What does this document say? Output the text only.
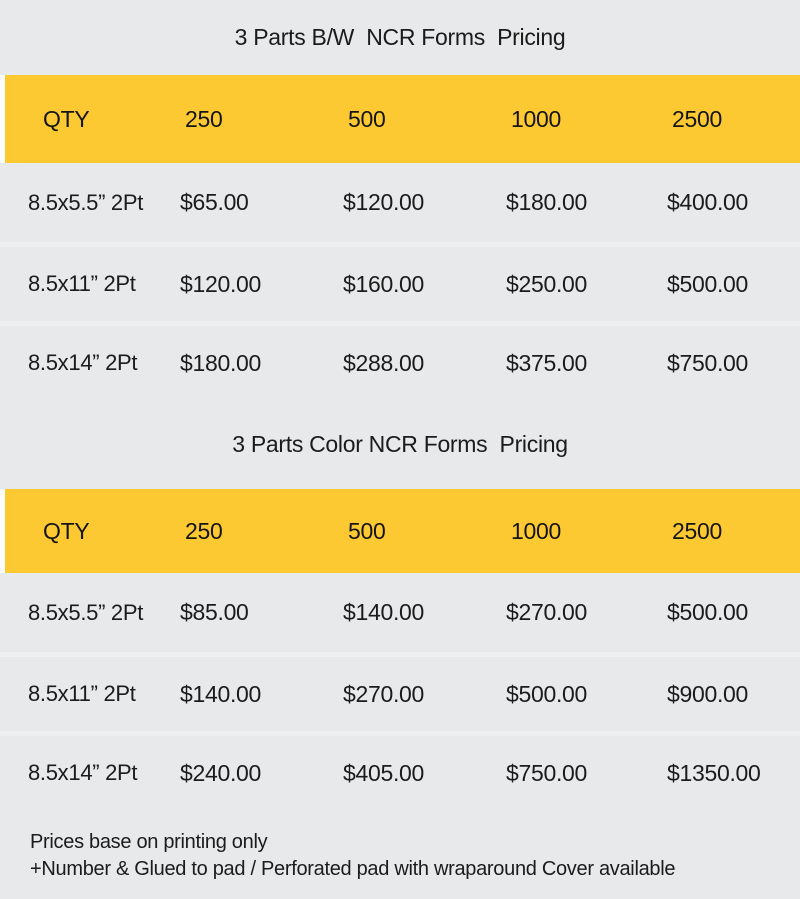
3 Parts B/W  NCR Forms  Pricing
QTY	250	500	1000	2500
8.5x5.5” 2Pt	$65.00	$120.00	$180.00	$400.00
8.5x11” 2Pt	$120.00	$160.00	$250.00	$500.00
8.5x14” 2Pt	$180.00	$288.00	$375.00	$750.00
3 Parts Color NCR Forms  Pricing
QTY	250	500	1000	2500
8.5x5.5” 2Pt	$85.00	$140.00	$270.00	$500.00
8.5x11” 2Pt	$140.00	$270.00	$500.00	$900.00
8.5x14” 2Pt	$240.00	$405.00	$750.00	$1350.00
Prices base on printing only
+Number & Glued to pad / Perforated pad with wraparound Cover available
